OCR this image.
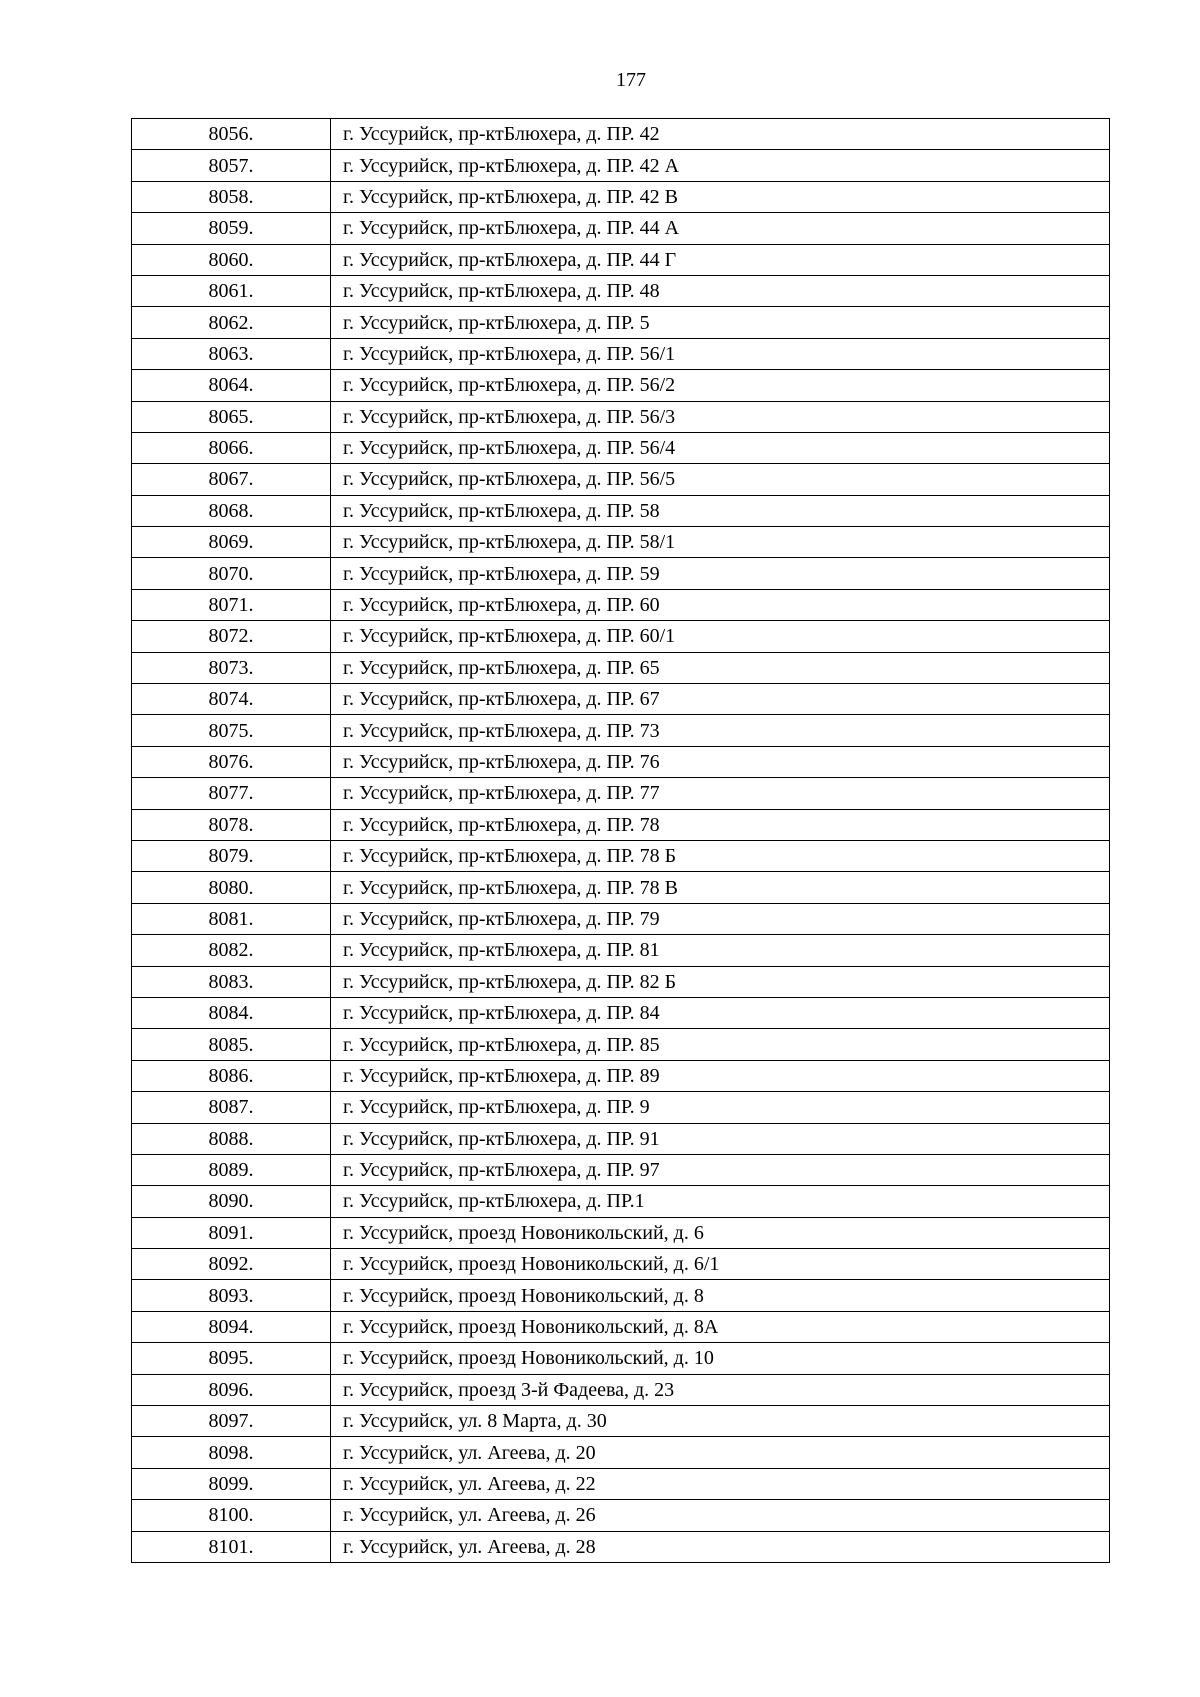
177
8056.	г. Уссурийск, пр-ктБлюхера, д. ПР. 42
8057.	г. Уссурийск, пр-ктБлюхера, д. ПР. 42 А
8058.	г. Уссурийск, пр-ктБлюхера, д. ПР. 42 В
8059.	г. Уссурийск, пр-ктБлюхера, д. ПР. 44 А
8060.	г. Уссурийск, пр-ктБлюхера, д. ПР. 44 Г
8061.	г. Уссурийск, пр-ктБлюхера, д. ПР. 48
8062.	г. Уссурийск, пр-ктБлюхера, д. ПР. 5
8063.	г. Уссурийск, пр-ктБлюхера, д. ПР. 56/1
8064.	г. Уссурийск, пр-ктБлюхера, д. ПР. 56/2
8065.	г. Уссурийск, пр-ктБлюхера, д. ПР. 56/3
8066.	г. Уссурийск, пр-ктБлюхера, д. ПР. 56/4
8067.	г. Уссурийск, пр-ктБлюхера, д. ПР. 56/5
8068.	г. Уссурийск, пр-ктБлюхера, д. ПР. 58
8069.	г. Уссурийск, пр-ктБлюхера, д. ПР. 58/1
8070.	г. Уссурийск, пр-ктБлюхера, д. ПР. 59
8071.	г. Уссурийск, пр-ктБлюхера, д. ПР. 60
8072.	г. Уссурийск, пр-ктБлюхера, д. ПР. 60/1
8073.	г. Уссурийск, пр-ктБлюхера, д. ПР. 65
8074.	г. Уссурийск, пр-ктБлюхера, д. ПР. 67
8075.	г. Уссурийск, пр-ктБлюхера, д. ПР. 73
8076.	г. Уссурийск, пр-ктБлюхера, д. ПР. 76
8077.	г. Уссурийск, пр-ктБлюхера, д. ПР. 77
8078.	г. Уссурийск, пр-ктБлюхера, д. ПР. 78
8079.	г. Уссурийск, пр-ктБлюхера, д. ПР. 78 Б
8080.	г. Уссурийск, пр-ктБлюхера, д. ПР. 78 В
8081.	г. Уссурийск, пр-ктБлюхера, д. ПР. 79
8082.	г. Уссурийск, пр-ктБлюхера, д. ПР. 81
8083.	г. Уссурийск, пр-ктБлюхера, д. ПР. 82 Б
8084.	г. Уссурийск, пр-ктБлюхера, д. ПР. 84
8085.	г. Уссурийск, пр-ктБлюхера, д. ПР. 85
8086.	г. Уссурийск, пр-ктБлюхера, д. ПР. 89
8087.	г. Уссурийск, пр-ктБлюхера, д. ПР. 9
8088.	г. Уссурийск, пр-ктБлюхера, д. ПР. 91
8089.	г. Уссурийск, пр-ктБлюхера, д. ПР. 97
8090.	г. Уссурийск, пр-ктБлюхера, д. ПР.1
8091.	г. Уссурийск, проезд Новоникольский, д. 6
8092.	г. Уссурийск, проезд Новоникольский, д. 6/1
8093.	г. Уссурийск, проезд Новоникольский, д. 8
8094.	г. Уссурийск, проезд Новоникольский, д. 8А
8095.	г. Уссурийск, проезд Новоникольский, д. 10
8096.	г. Уссурийск, проезд 3-й Фадеева, д. 23
8097.	г. Уссурийск, ул. 8 Марта, д. 30
8098.	г. Уссурийск, ул. Агеева, д. 20
8099.	г. Уссурийск, ул. Агеева, д. 22
8100.	г. Уссурийск, ул. Агеева, д. 26
8101.	г. Уссурийск, ул. Агеева, д. 28
